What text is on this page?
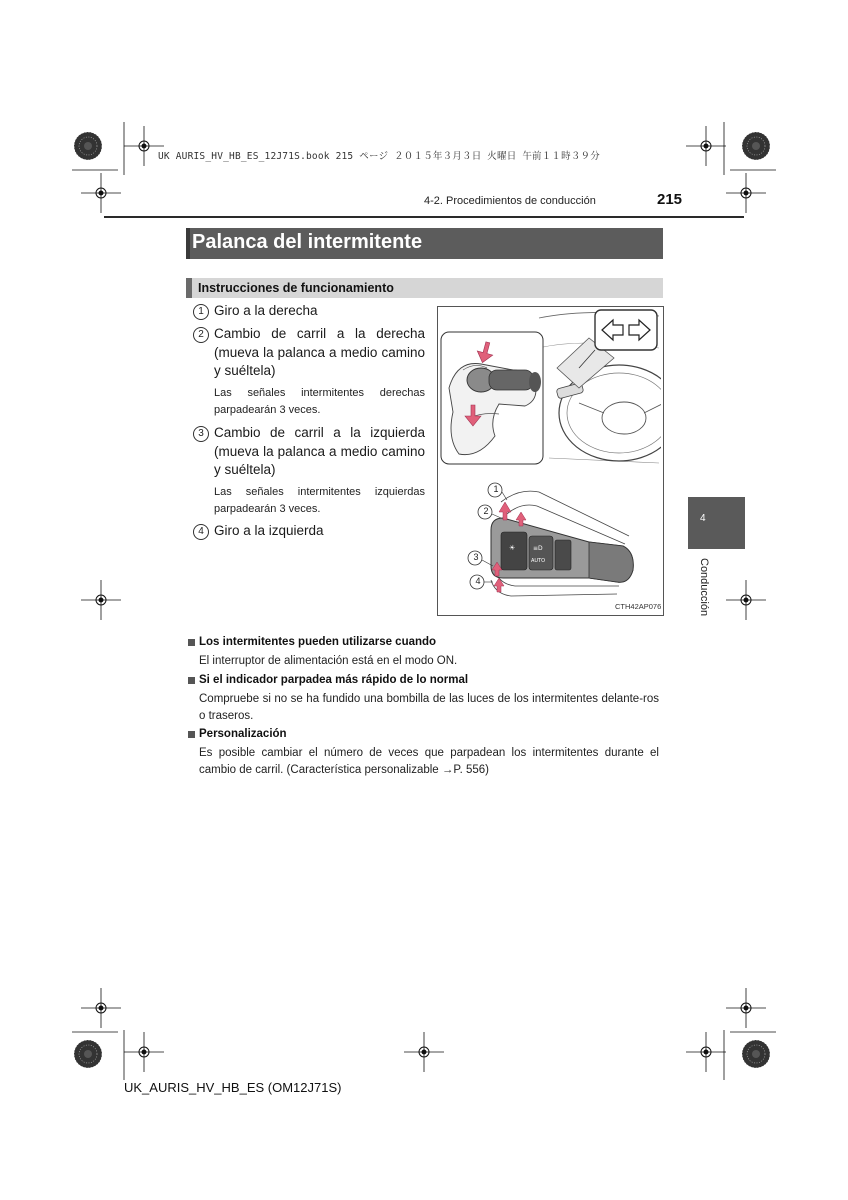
UK AURIS_HV_HB_ES_12J71S.book 215 ページ ２０１５年３月３日 火曜日 午前１１時３９分
4-2. Procedimientos de conducción	215
Palanca del intermitente
Instrucciones de funcionamiento
1 Giro a la derecha
2 Cambio de carril a la derecha (mueva la palanca a medio camino y suéltela)
Las señales intermitentes derechas parpadearán 3 veces.
3 Cambio de carril a la izquierda (mueva la palanca a medio camino y suéltela)
Las señales intermitentes izquierdas parpadearán 3 veces.
4 Giro a la izquierda
☀	≡D
AUTO
1
2
3
4
CTH42AP076
Los intermitentes pueden utilizarse cuando
El interruptor de alimentación está en el modo ON.
Si el indicador parpadea más rápido de lo normal
Compruebe si no se ha fundido una bombilla de las luces de los intermitentes delante-ros o traseros.
Personalización
Es posible cambiar el número de veces que parpadean los intermitentes durante el cambio de carril. (Característica personalizable →P. 556)
4
Conducción
UK_AURIS_HV_HB_ES (OM12J71S)
